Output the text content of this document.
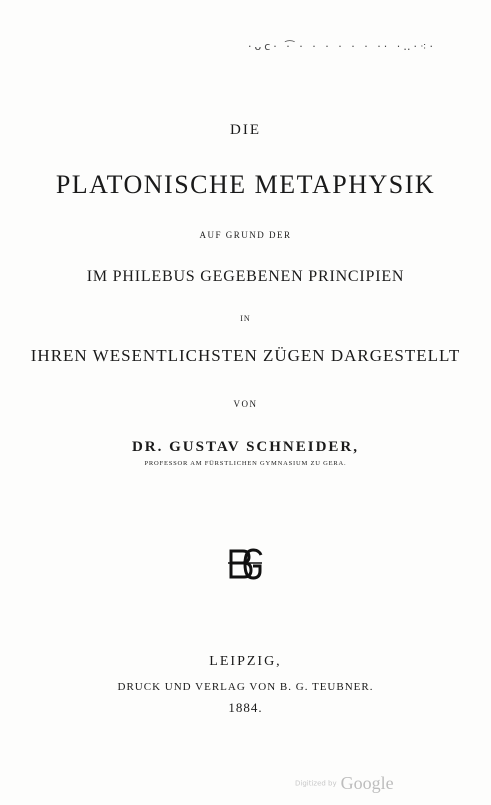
·ᴗᴄ· ·͡ · · · · · · ·· ·‥·⁖·
DIE
PLATONISCHE METAPHYSIK
AUF GRUND DER
IM PHILEBUS GEGEBENEN PRINCIPIEN
IN
IHREN WESENTLICHSTEN ZÜGEN DARGESTELLT
VON
DR. GUSTAV SCHNEIDER,
PROFESSOR AM FÜRSTLICHEN GYMNASIUM ZU GERA.
LEIPZIG,
DRUCK UND VERLAG VON B. G. TEUBNER.
1884.
Digitized by Google
